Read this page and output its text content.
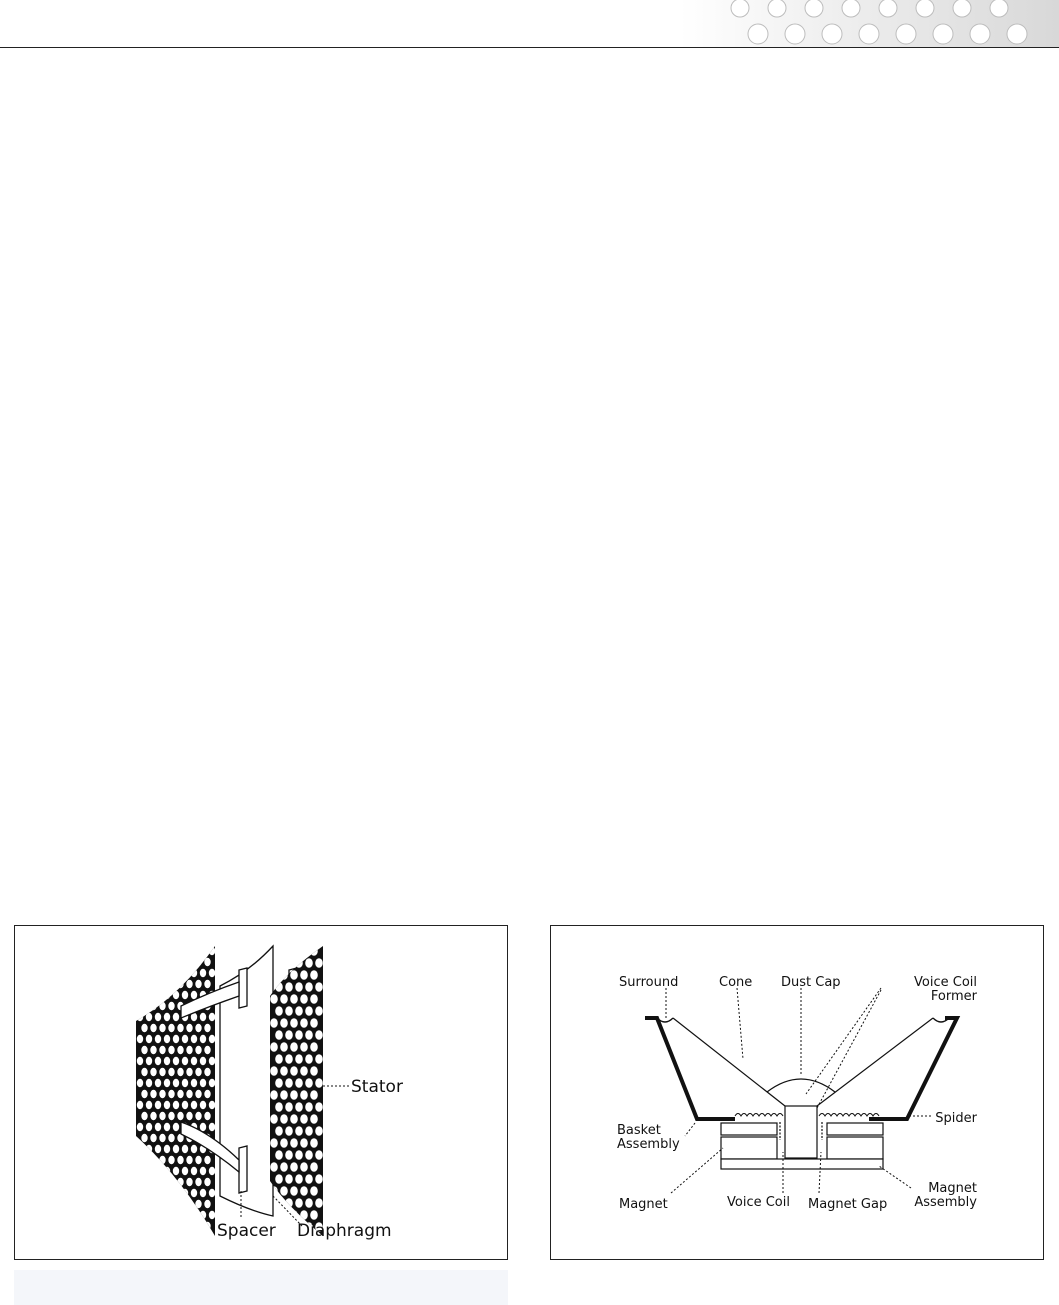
Stator
Spacer Diaphragm
Surround	Cone Dust Cap	Voice Coil
Former
Basket
Assembly
Spider
Magnet	Voice Coil Magnet Gap
Magnet
Assembly
